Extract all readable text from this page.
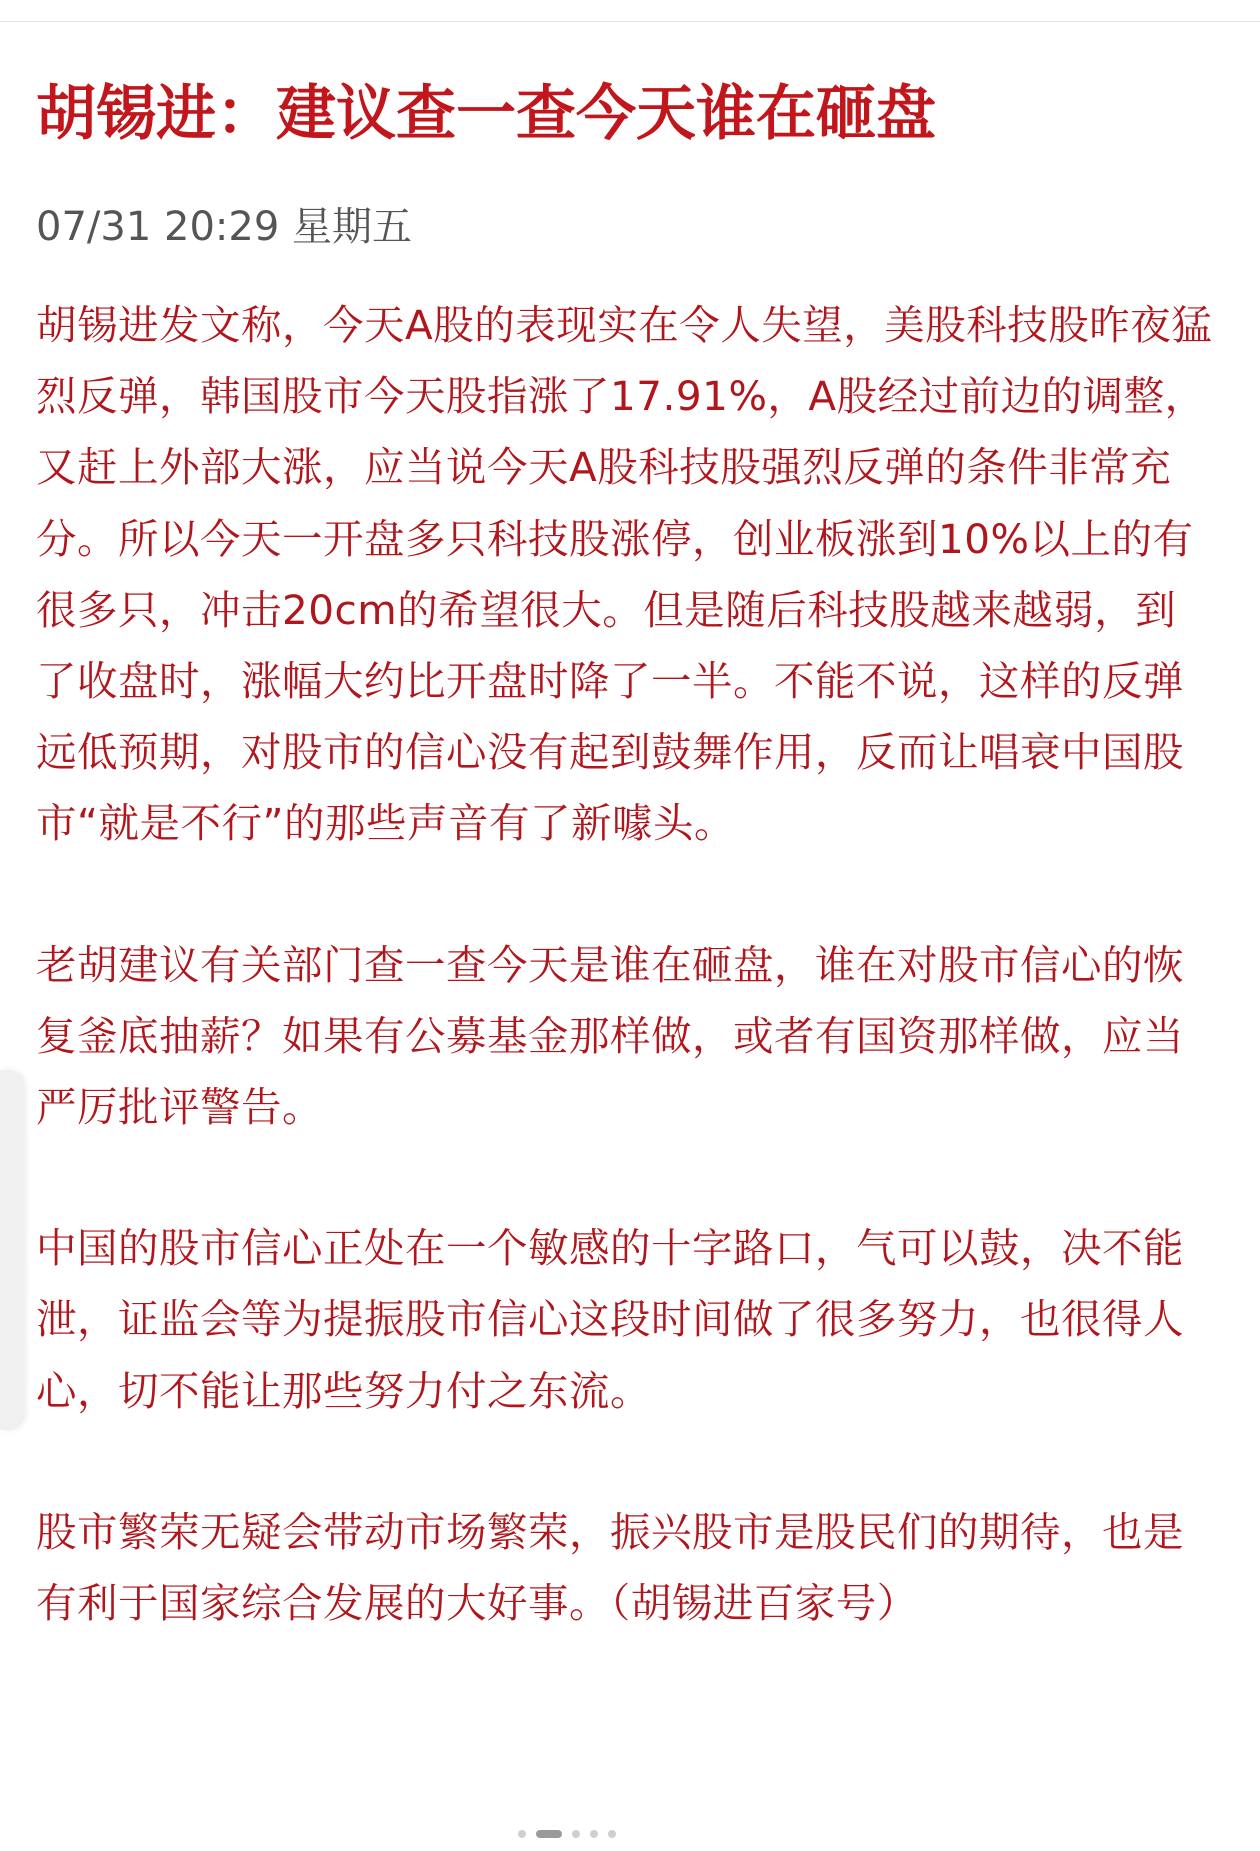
胡锡进：建议查一查今天谁在砸盘
07/31 20:29 星期五

胡锡进发文称，今天A股的表现实在令人失望，美股科技股昨夜猛烈反弹，韩国股市今天股指涨了17.91%，A股经过前边的调整，又赶上外部大涨，应当说今天A股科技股强烈反弹的条件非常充分。所以今天一开盘多只科技股涨停，创业板涨到10%以上的有很多只，冲击20cm的希望很大。但是随后科技股越来越弱，到了收盘时，涨幅大约比开盘时降了一半。不能不说，这样的反弹远低预期，对股市的信心没有起到鼓舞作用，反而让唱衰中国股市“就是不行”的那些声音有了新噱头。

老胡建议有关部门查一查今天是谁在砸盘，谁在对股市信心的恢复釜底抽薪？如果有公募基金那样做，或者有国资那样做，应当严厉批评警告。

中国的股市信心正处在一个敏感的十字路口，气可以鼓，决不能泄，证监会等为提振股市信心这段时间做了很多努力，也很得人心，切不能让那些努力付之东流。

股市繁荣无疑会带动市场繁荣，振兴股市是股民们的期待，也是有利于国家综合发展的大好事。（胡锡进百家号）
